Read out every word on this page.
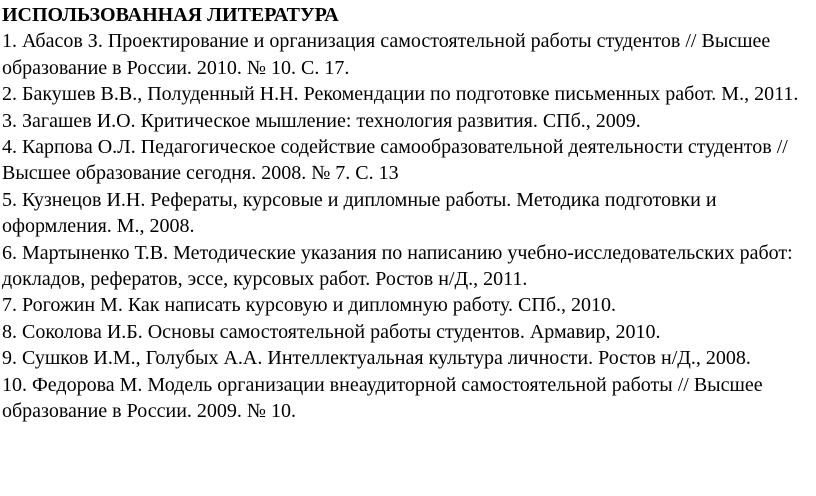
ИСПОЛЬЗОВАННАЯ ЛИТЕРАТУРА
1. Абасов З. Проектирование и организация самостоятельной работы студентов // Высшее образование в России. 2010. № 10. С. 17.
2. Бакушев В.В., Полуденный Н.Н. Рекомендации по подготовке письменных работ. М., 2011.
3. Загашев И.О. Критическое мышление: технология развития. СПб., 2009.
4. Карпова О.Л. Педагогическое содействие самообразовательной деятельности студентов // Высшее образование сегодня. 2008. № 7. С. 13
5. Кузнецов И.Н. Рефераты, курсовые и дипломные работы. Методика подготовки и оформления. М., 2008.
6. Мартыненко Т.В. Методические указания по написанию учебно-исследовательских работ: докладов, рефератов, эссе, курсовых работ. Ростов н/Д., 2011.
7. Рогожин М. Как написать курсовую и дипломную работу. СПб., 2010.
8. Соколова И.Б. Основы самостоятельной работы студентов. Армавир, 2010.
9. Сушков И.М., Голубых А.А. Интеллектуальная культура личности. Ростов н/Д., 2008.
10. Федорова М. Модель организации внеаудиторной самостоятельной работы // Высшее образование в России. 2009. № 10.
